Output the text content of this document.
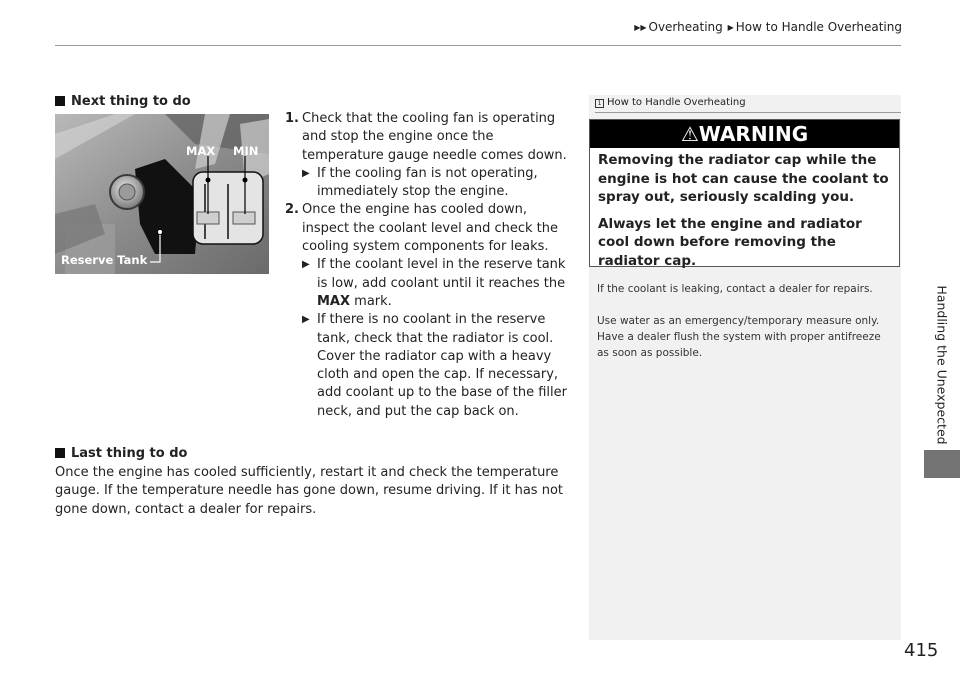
▶▶ Overheating ▶ How to Handle Overheating
Handling the Unexpected
Next thing to do
MAX MIN
Reserve Tank
1. Check that the cooling fan is operating and stop the engine once the temperature gauge needle comes down.
▶ If the cooling fan is not operating, immediately stop the engine.
2. Once the engine has cooled down, inspect the coolant level and check the cooling system components for leaks.
▶ If the coolant level in the reserve tank is low, add coolant until it reaches the MAX mark.
▶ If there is no coolant in the reserve tank, check that the radiator is cool. Cover the radiator cap with a heavy cloth and open the cap. If necessary, add coolant up to the base of the filler neck, and put the cap back on.
Last thing to do
Once the engine has cooled sufficiently, restart it and check the temperature gauge. If the temperature needle has gone down, resume driving. If it has not gone down, contact a dealer for repairs.
1 How to Handle Overheating
⚠WARNING

Removing the radiator cap while the engine is hot can cause the coolant to spray out, seriously scalding you.

Always let the engine and radiator cool down before removing the radiator cap.

If the coolant is leaking, contact a dealer for repairs.
Use water as an emergency/temporary measure only. Have a dealer flush the system with proper antifreeze as soon as possible.
415
